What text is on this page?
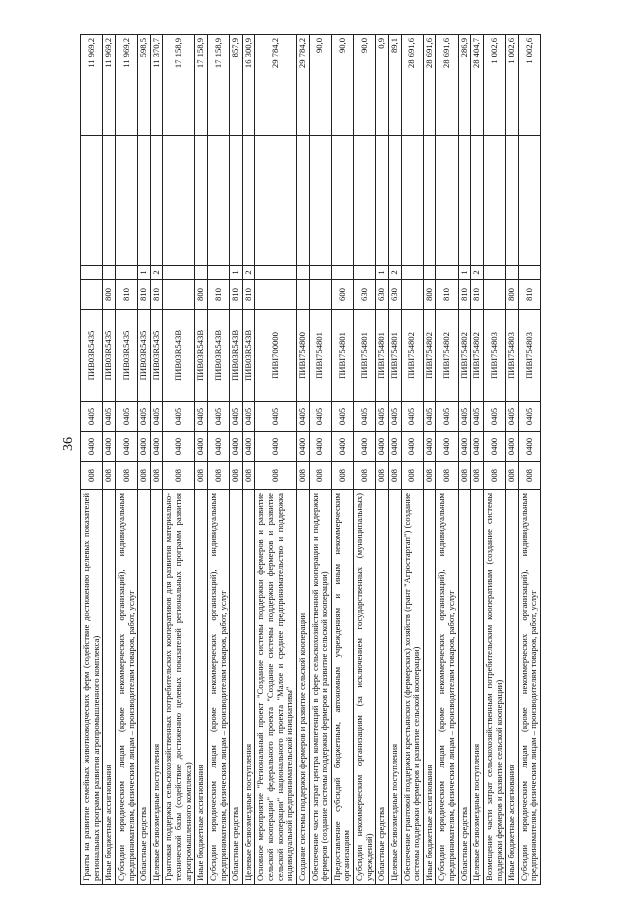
36
Гранты на развитие семейных животноводческих ферм (содействие достижению целевых показателей региональных программ развития агропромышленного комплекса)	008	0400	0405	ПИВ03R5435				11 969,2
Иные бюджетные ассигнования	008	0400	0405	ПИВ03R5435	800			11 969,2
Субсидии юридическим лицам (кроме некоммерческих организаций), индивидуальным предпринимателям, физическим лицам – производителям товаров, работ, услуг	008	0400	0405	ПИВ03R5435	810			11 969,2
Областные средства	008	0400	0405	ПИВ03R5435	810	1		598,5
Целевые безвозмездные поступления	008	0400	0405	ПИВ03R5435	810	2		11 370,7
Грантовая поддержка сельскохозяйственных потребительских кооперативов для развития материально-технической базы (содействие достижению целевых показателей региональных программ развития агропромышленного комплекса)	008	0400	0405	ПИВ03R543В				17 158,9
Иные бюджетные ассигнования	008	0400	0405	ПИВ03R543В	800			17 158,9
Субсидии юридическим лицам (кроме некоммерческих организаций), индивидуальным предпринимателям, физическим лицам – производителям товаров, работ, услуг	008	0400	0405	ПИВ03R543В	810			17 158,9
Областные средства	008	0400	0405	ПИВ03R543В	810	1		857,9
Целевые безвозмездные поступления	008	0400	0405	ПИВ03R543В	810	2		16 300,9
Основное мероприятие "Региональный проект "Создание системы поддержки фермеров и развитие сельской кооперации" федерального проекта "Создание системы поддержки фермеров и развитие сельской кооперации" национального проекта "Малое и среднее предпринимательство и поддержка индивидуальной предпринимательской инициативы"	008	0400	0405	ПИВI700000				29 784,2
Создание системы поддержки фермеров и развитие сельской кооперации	008	0400	0405	ПИВI754800				29 784,2
Обеспечение части затрат центра компетенций в сфере сельскохозяйственной кооперации и поддержки фермеров (создание системы поддержки фермеров и развитие сельской кооперации)	008	0400	0405	ПИВI754801				90,0
Предоставление субсидий бюджетным, автономным учреждениям и иным некоммерческим организациям	008	0400	0405	ПИВI754801	600			90,0
Субсидии некоммерческим организациям (за исключением государственных (муниципальных) учреждений)	008	0400	0405	ПИВI754801	630			90,0
Областные средства	008	0400	0405	ПИВI754801	630	1		0,9
Целевые безвозмездные поступления	008	0400	0405	ПИВI754801	630	2		89,1
Обеспечение грантовой поддержки крестьянских (фермерских) хозяйств (грант "Агростартап") (создание системы поддержки фермеров и развитие сельской кооперации)	008	0400	0405	ПИВI754802				28 691,6
Иные бюджетные ассигнования	008	0400	0405	ПИВI754802	800			28 691,6
Субсидии юридическим лицам (кроме некоммерческих организаций), индивидуальным предпринимателям, физическим лицам – производителям товаров, работ, услуг	008	0400	0405	ПИВI754802	810			28 691,6
Областные средства	008	0400	0405	ПИВI754802	810	1		286,9
Целевые безвозмездные поступления	008	0400	0405	ПИВI754802	810	2		28 404,7
Возмещение части затрат сельскохозяйственным потребительским кооперативам (создание системы поддержки фермеров и развитие сельской кооперации)	008	0400	0405	ПИВI754803				1 002,6
Иные бюджетные ассигнования	008	0400	0405	ПИВI754803	800			1 002,6
Субсидии юридическим лицам (кроме некоммерческих организаций), индивидуальным предпринимателям, физическим лицам – производителям товаров, работ, услуг	008	0400	0405	ПИВI754803	810			1 002,6
